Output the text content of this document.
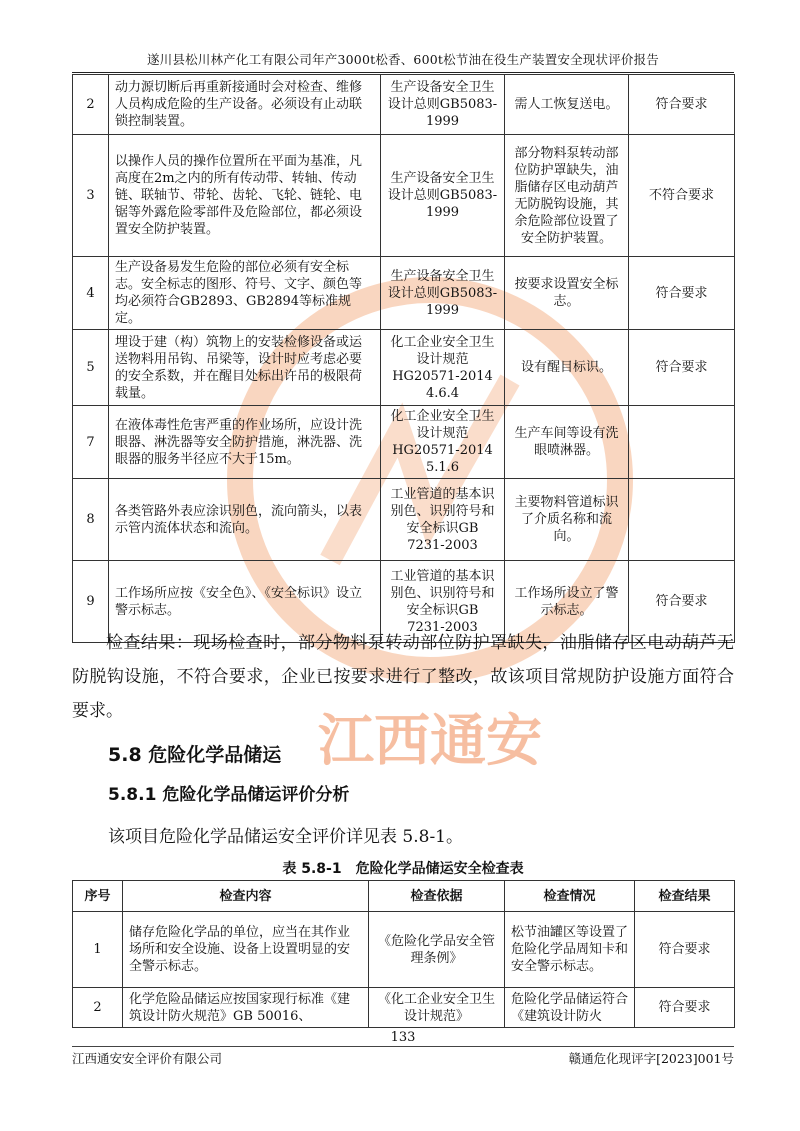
江西通安
遂川县松川林产化工有限公司年产3000t松香、600t松节油在役生产装置安全现状评价报告
2	动力源切断后再重新接通时会对检查、维修人员构成危险的生产设备。必须设有止动联锁控制装置。	生产设备安全卫生设计总则GB5083-1999	需人工恢复送电。	符合要求
3	以操作人员的操作位置所在平面为基准，凡高度在2m之内的所有传动带、转轴、传动链、联轴节、带轮、齿轮、飞轮、链轮、电锯等外露危险零部件及危险部位，都必须设置安全防护装置。	生产设备安全卫生设计总则GB5083-1999	部分物料泵转动部位防护罩缺失，油脂储存区电动葫芦无防脱钩设施，其余危险部位设置了安全防护装置。	不符合要求
4	生产设备易发生危险的部位必须有安全标志。安全标志的图形、符号、文字、颜色等均必须符合GB2893、GB2894等标准规定。	生产设备安全卫生设计总则GB5083-1999	按要求设置安全标志。	符合要求
5	埋设于建（构）筑物上的安装检修设备或运送物料用吊钩、吊梁等，设计时应考虑必要的安全系数，并在醒目处标出许吊的极限荷载量。	化工企业安全卫生设计规范HG20571-2014 4.6.4	设有醒目标识。	符合要求
7	在液体毒性危害严重的作业场所，应设计洗眼器、淋洗器等安全防护措施，淋洗器、洗眼器的服务半径应不大于15m。	化工企业安全卫生设计规范HG20571-2014 5.1.6	生产车间等设有洗眼喷淋器。	
8	各类管路外表应涂识别色，流向箭头，以表示管内流体状态和流向。	工业管道的基本识别色、识别符号和安全标识GB 7231-2003	主要物料管道标识了介质名称和流向。	
9	工作场所应按《安全色》、《安全标识》设立警示标志。	工业管道的基本识别色、识别符号和安全标识GB 7231-2003	工作场所设立了警示标志。	符合要求
检查结果：现场检查时，部分物料泵转动部位防护罩缺失，油脂储存区电动葫芦无防脱钩设施，不符合要求，企业已按要求进行了整改，故该项目常规防护设施方面符合要求。
5.8 危险化学品储运
5.8.1 危险化学品储运评价分析
该项目危险化学品储运安全评价详见表 5.8-1。
表 5.8-1　危险化学品储运安全检查表
序号	检查内容	检查依据	检查情况	检查结果
1	储存危险化学品的单位，应当在其作业场所和安全设施、设备上设置明显的安全警示标志。	《危险化学品安全管理条例》	松节油罐区等设置了危险化学品周知卡和安全警示标志。	符合要求
2	化学危险品储运应按国家现行标准《建筑设计防火规范》GB 50016、	《化工企业安全卫生设计规范》	危险化学品储运符合《建筑设计防火	符合要求
133
江西通安安全评价有限公司	赣通危化现评字[2023]001号
